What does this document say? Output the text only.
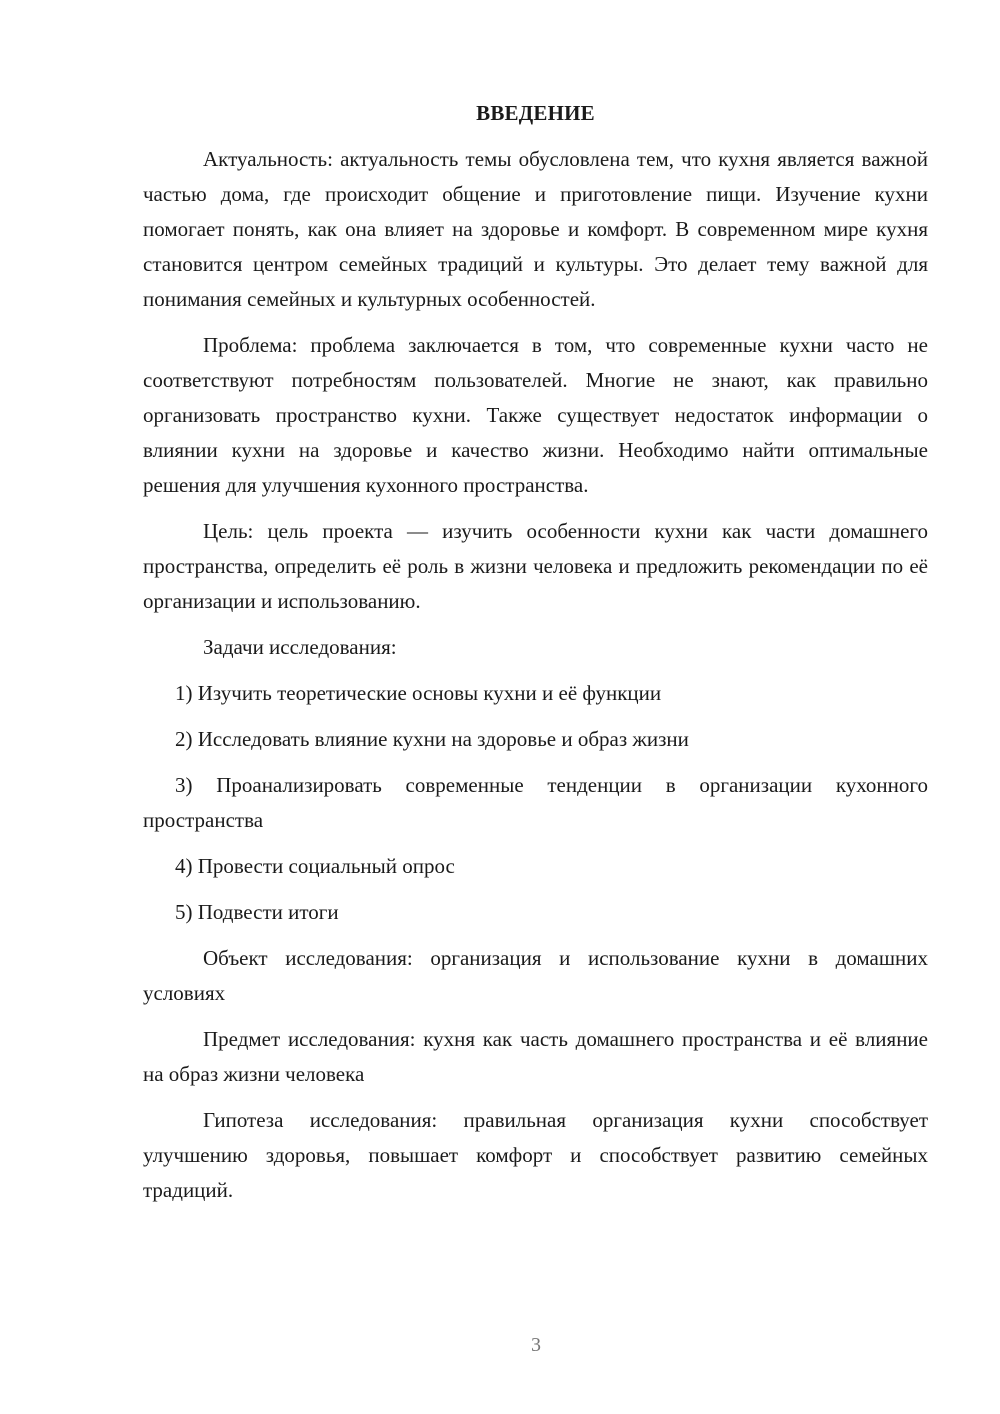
ВВЕДЕНИЕ

Актуальность: актуальность темы обусловлена тем, что кухня является важной частью дома, где происходит общение и приготовление пищи. Изучение кухни помогает понять, как она влияет на здоровье и комфорт. В современном мире кухня становится центром семейных традиций и культуры. Это делает тему важной для понимания семейных и культурных особенностей.

Проблема: проблема заключается в том, что современные кухни часто не соответствуют потребностям пользователей. Многие не знают, как правильно организовать пространство кухни. Также существует недостаток информации о влиянии кухни на здоровье и качество жизни. Необходимо найти оптимальные решения для улучшения кухонного пространства.

Цель: цель проекта — изучить особенности кухни как части домашнего пространства, определить её роль в жизни человека и предложить рекомендации по её организации и использованию.

Задачи исследования:

1) Изучить теоретические основы кухни и её функции

2) Исследовать влияние кухни на здоровье и образ жизни

3) Проанализировать современные тенденции в организации кухонного пространства

4) Провести социальный опрос

5) Подвести итоги

Объект исследования: организация и использование кухни в домашних условиях

Предмет исследования: кухня как часть домашнего пространства и её влияние на образ жизни человека

Гипотеза исследования: правильная организация кухни способствует улучшению здоровья, повышает комфорт и способствует развитию семейных традиций.

3
